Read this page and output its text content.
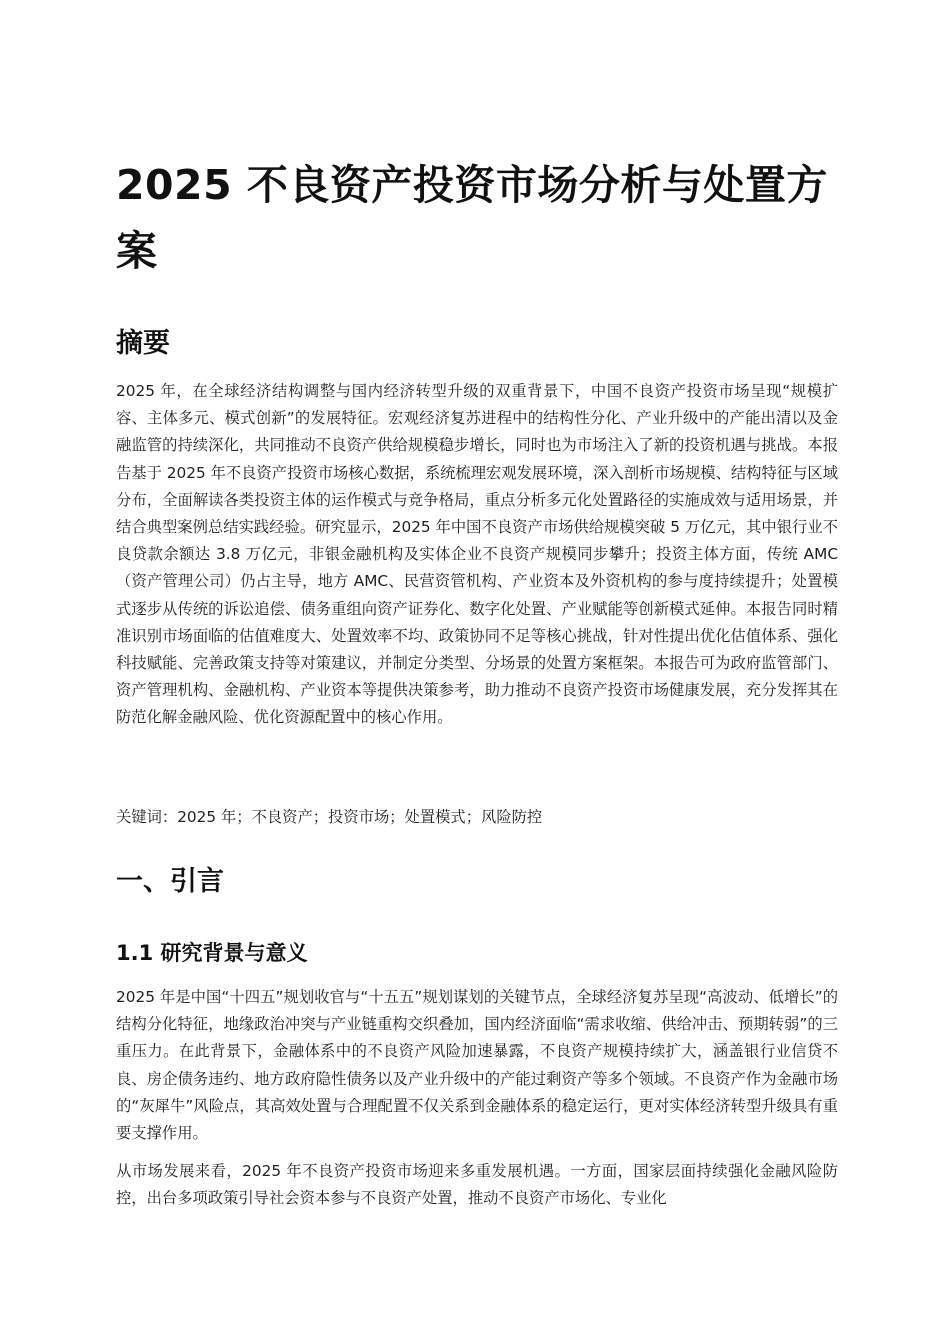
2025 不良资产投资市场分析与处置方案
摘要

2025 年，在全球经济结构调整与国内经济转型升级的双重背景下，中国不良资产投资市场呈现“规模扩容、主体多元、模式创新”的发展特征。宏观经济复苏进程中的结构性分化、产业升级中的产能出清以及金融监管的持续深化，共同推动不良资产供给规模稳步增长，同时也为市场注入了新的投资机遇与挑战。本报告基于 2025 年不良资产投资市场核心数据，系统梳理宏观发展环境，深入剖析市场规模、结构特征与区域分布，全面解读各类投资主体的运作模式与竞争格局，重点分析多元化处置路径的实施成效与适用场景，并结合典型案例总结实践经验。研究显示，2025 年中国不良资产市场供给规模突破 5 万亿元，其中银行业不良贷款余额达 3.8 万亿元，非银金融机构及实体企业不良资产规模同步攀升；投资主体方面，传统 AMC（资产管理公司）仍占主导，地方 AMC、民营资管机构、产业资本及外资机构的参与度持续提升；处置模式逐步从传统的诉讼追偿、债务重组向资产证券化、数字化处置、产业赋能等创新模式延伸。本报告同时精准识别市场面临的估值难度大、处置效率不均、政策协同不足等核心挑战，针对性提出优化估值体系、强化科技赋能、完善政策支持等对策建议，并制定分类型、分场景的处置方案框架。本报告可为政府监管部门、资产管理机构、金融机构、产业资本等提供决策参考，助力推动不良资产投资市场健康发展，充分发挥其在防范化解金融风险、优化资源配置中的核心作用。

关键词：2025 年；不良资产；投资市场；处置模式；风险防控

一、引言
1.1 研究背景与意义

2025 年是中国“十四五”规划收官与“十五五”规划谋划的关键节点，全球经济复苏呈现“高波动、低增长”的结构分化特征，地缘政治冲突与产业链重构交织叠加，国内经济面临“需求收缩、供给冲击、预期转弱”的三重压力。在此背景下，金融体系中的不良资产风险加速暴露，不良资产规模持续扩大，涵盖银行业信贷不良、房企债务违约、地方政府隐性债务以及产业升级中的产能过剩资产等多个领域。不良资产作为金融市场的“灰犀牛”风险点，其高效处置与合理配置不仅关系到金融体系的稳定运行，更对实体经济转型升级具有重要支撑作用。

从市场发展来看，2025 年不良资产投资市场迎来多重发展机遇。一方面，国家层面持续强化金融风险防控，出台多项政策引导社会资本参与不良资产处置，推动不良资产市场化、专业化
